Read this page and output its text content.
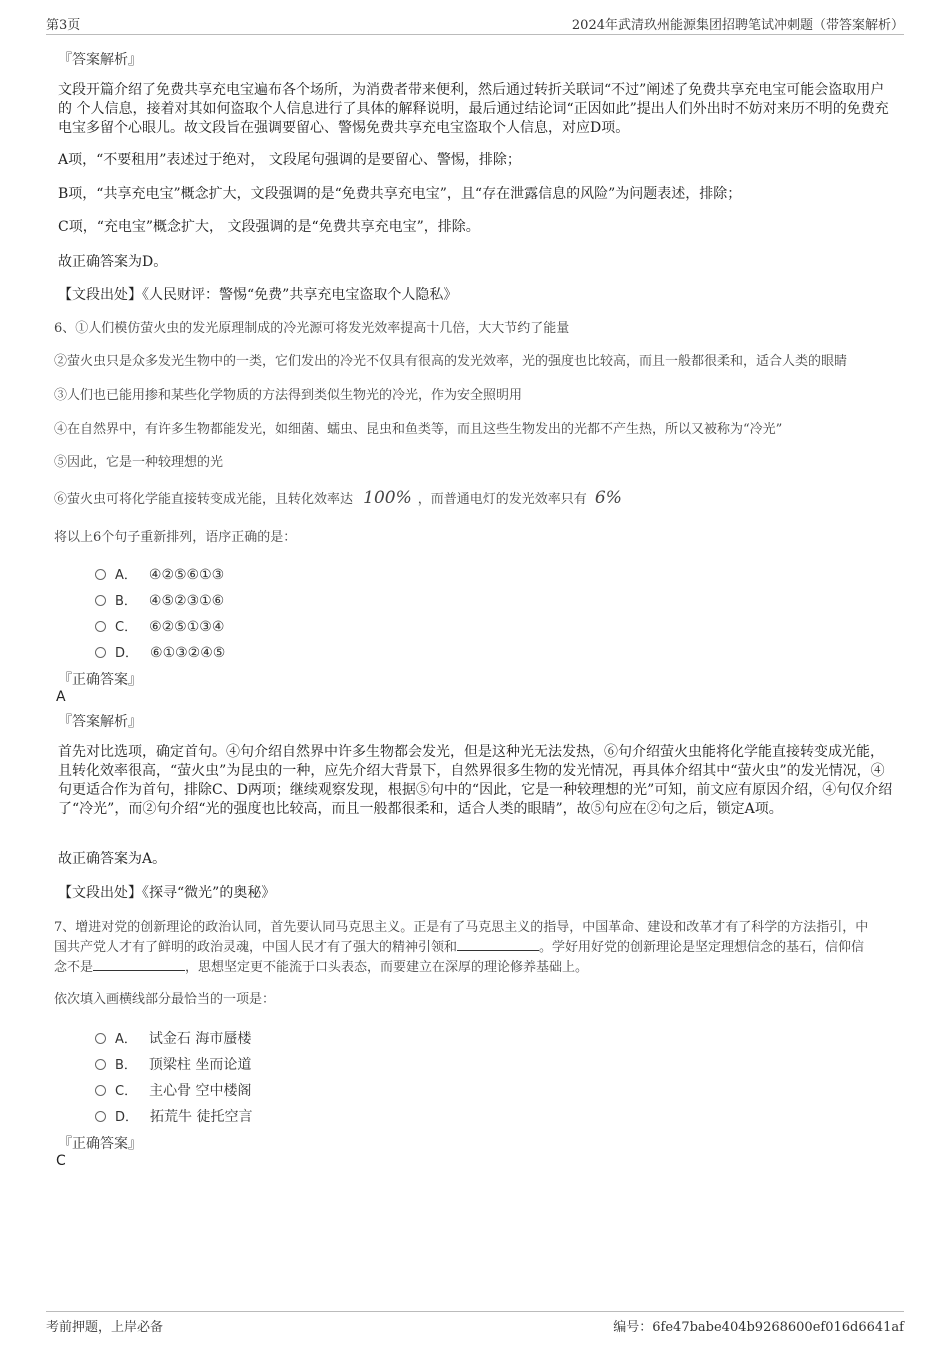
第3页	2024年武清玖州能源集团招聘笔试冲刺题（带答案解析）
『答案解析』
文段开篇介绍了免费共享充电宝遍布各个场所，为消费者带来便利，然后通过转折关联词“不过”阐述了免费共享充电宝可能会盗取用户 的 个人信息，接着对其如何盗取个人信息进行了具体的解释说明，最后通过结论词“正因如此”提出人们外出时不妨对来历不明的免费充电宝多留个心眼儿。故文段旨在强调要留心、警惕免费共享充电宝盗取个人信息，对应D项。
A项，“不要租用”表述过于绝对， 文段尾句强调的是要留心、警惕，排除；
B项，“共享充电宝”概念扩大，文段强调的是“免费共享充电宝”，且“存在泄露信息的风险”为问题表述，排除；
C项，“充电宝”概念扩大， 文段强调的是“免费共享充电宝”，排除。
故正确答案为D。
【文段出处】《人民财评：警惕“免费”共享充电宝盗取个人隐私》
6、①人们模仿萤火虫的发光原理制成的冷光源可将发光效率提高十几倍，大大节约了能量
②萤火虫只是众多发光生物中的一类，它们发出的冷光不仅具有很高的发光效率，光的强度也比较高，而且一般都很柔和，适合人类的眼睛
③人们也已能用掺和某些化学物质的方法得到类似生物光的冷光，作为安全照明用
④在自然界中，有许多生物都能发光，如细菌、蠕虫、昆虫和鱼类等，而且这些生物发出的光都不产生热，所以又被称为“冷光”
⑤因此，它是一种较理想的光
⑥萤火虫可将化学能直接转变成光能，且转化效率达 100% ，而普通电灯的发光效率只有 6%
将以上6个句子重新排列，语序正确的是：
A． ④②⑤⑥①③
B． ④⑤②③①⑥
C． ⑥②⑤①③④
D． ⑥①③②④⑤
『正确答案』
A
『答案解析』
首先对比选项，确定首句。④句介绍自然界中许多生物都会发光，但是这种光无法发热，⑥句介绍萤火虫能将化学能直接转变成光能，且转化效率很高，“萤火虫”为昆虫的一种，应先介绍大背景下，自然界很多生物的发光情况，再具体介绍其中“萤火虫”的发光情况，④句更适合作为首句，排除C、D两项；继续观察发现，根据⑤句中的“因此，它是一种较理想的光”可知，前文应有原因介绍，④句仅介绍了“冷光”，而②句介绍“光的强度也比较高，而且一般都很柔和，适合人类的眼睛”，故⑤句应在②句之后，锁定A项。
故正确答案为A。
【文段出处】《探寻“微光”的奥秘》
7、增进对党的创新理论的政治认同，首先要认同马克思主义。正是有了马克思主义的指导，中国革命、建设和改革才有了科学的方法指引，中
国共产党人才有了鲜明的政治灵魂，中国人民才有了强大的精神引领和	。学好用好党的创新理论是坚定理想信念的基石，信仰信
念不是	，思想坚定更不能流于口头表态，而要建立在深厚的理论修养基础上。
依次填入画横线部分最恰当的一项是：
A． 试金石 海市蜃楼
B． 顶梁柱 坐而论道
C． 主心骨 空中楼阁
D． 拓荒牛 徒托空言
『正确答案』
C
考前押题，上岸必备	编号：6fe47babe404b9268600ef016d6641af
